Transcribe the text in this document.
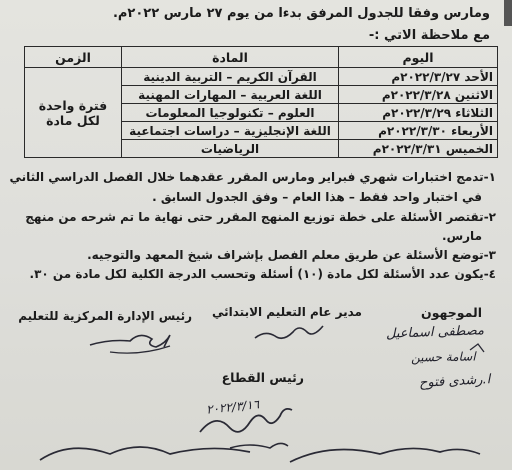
ومارس وفقا للجدول المرفق بدءا من يوم ٢٧ مارس ٢٠٢٢م.
مع ملاحظة الاتي :-
اليوم	المادة	الزمن
الأحد ٢٠٢٢/٣/٢٧م	القرآن الكريم – التربية الدينية	فترة واحدة لكل مادة
الاثنين ٢٠٢٢/٣/٢٨م	اللغة العربية – المهارات المهنية	
الثلاثاء ٢٠٢٢/٣/٢٩م	العلوم – تكنولوجيا المعلومات	
الأربعاء ٢٠٢٢/٣/٣٠م	اللغة الإنجليزية – دراسات اجتماعية	
الخميس ٢٠٢٢/٣/٣١م	الرياضيات	
١-تدمج اختبارات شهري فبراير ومارس المقرر عقدهما خلال الفصل الدراسي الثاني
في اختبار واحد فقط – هذا العام – وفق الجدول السابق .
٢-تقتصر الأسئلة على خطة توزيع المنهج المقرر حتى نهاية ما تم شرحه من منهج
مارس.
٣-توضع الأسئلة عن طريق معلم الفصل بإشراف شيخ المعهد والتوجيه.
٤-يكون عدد الأسئلة لكل مادة (١٠) أسئلة وتحسب الدرجة الكلية لكل مادة من ٣٠.
الموجهون
مدير عام التعليم الابتدائي
رئيس الإدارة المركزية للتعليم
رئيس القطاع
مصطفى اسماعيل
اسامة حسين
ا.رشدى فتوح
٢٠٢٢/٣/١٦
